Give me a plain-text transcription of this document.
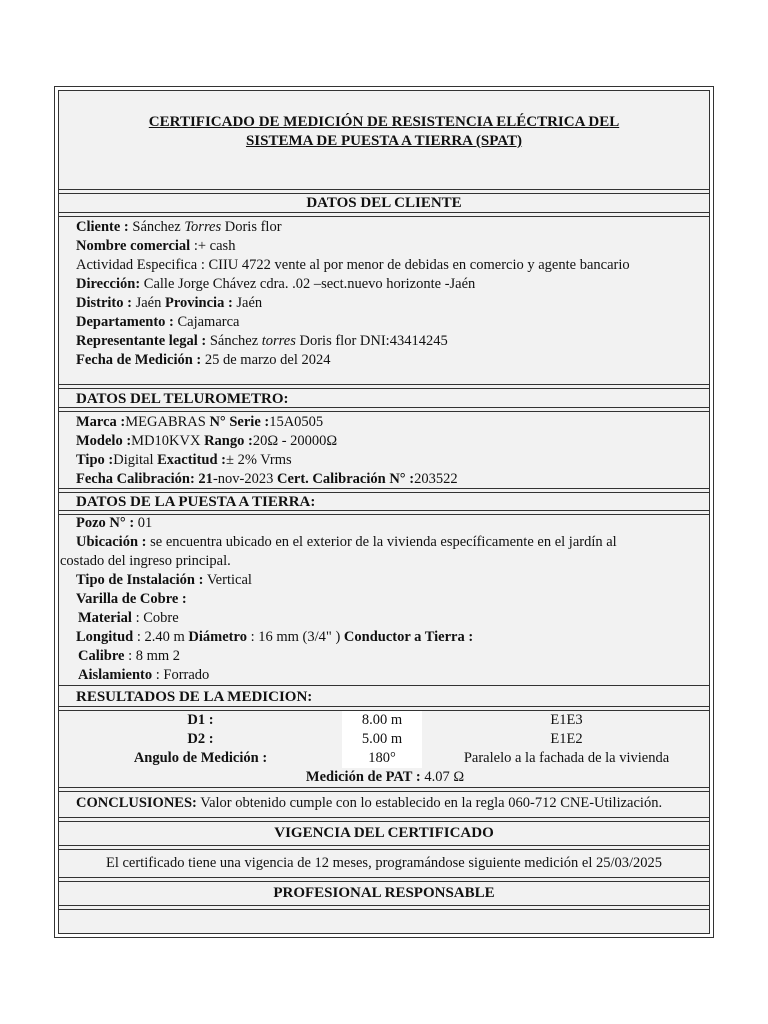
CERTIFICADO DE MEDICIÓN DE RESISTENCIA ELÉCTRICA DEL
SISTEMA DE PUESTA A TIERRA (SPAT)
DATOS DEL CLIENTE
Cliente : Sánchez Torres Doris flor
Nombre comercial :+ cash
Actividad Especifica : CIIU 4722 vente al por menor de debidas en comercio y agente bancario
Dirección: Calle Jorge Chávez cdra. .02 –sect.nuevo horizonte -Jaén
Distrito : Jaén Provincia : Jaén
Departamento : Cajamarca
Representante legal : Sánchez torres Doris flor DNI:43414245
Fecha de Medición : 25 de marzo del 2024
DATOS DEL TELUROMETRO:
Marca :MEGABRAS N° Serie :15A0505
Modelo :MD10KVX Rango :20Ω - 20000Ω
Tipo :Digital Exactitud :± 2% Vrms
Fecha Calibración: 21-nov-2023 Cert. Calibración N° :203522
DATOS DE LA PUESTA A TIERRA:
Pozo N° : 01
Ubicación : se encuentra ubicado en el exterior de la vivienda específicamente en el jardín al
costado del ingreso principal.
Tipo de Instalación : Vertical
Varilla de Cobre :
Material : Cobre
Longitud : 2.40 m Diámetro : 16 mm (3/4" ) Conductor a Tierra :
Calibre : 8 mm 2
Aislamiento : Forrado
RESULTADOS DE LA MEDICION:
D1 :	8.00 m	E1E3
D2 :	5.00 m	E1E2
Angulo de Medición :	180°	Paralelo a la fachada de la vivienda
Medición de PAT : 4.07 Ω		
CONCLUSIONES: Valor obtenido cumple con lo establecido en la regla 060-712 CNE-Utilización.
VIGENCIA DEL CERTIFICADO
El certificado tiene una vigencia de 12 meses, programándose siguiente medición el 25/03/2025
PROFESIONAL RESPONSABLE
